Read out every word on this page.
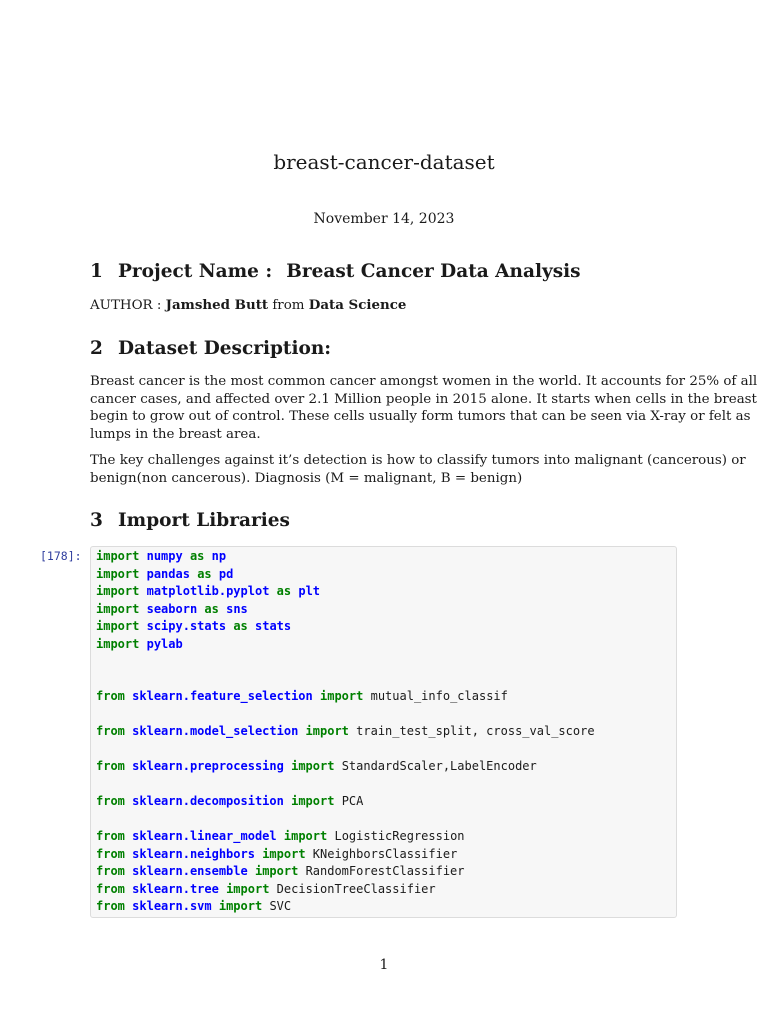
breast-cancer-dataset
November 14, 2023
1 Project Name : Breast Cancer Data Analysis
AUTHOR : Jamshed Butt from Data Science
2 Dataset Description:
Breast cancer is the most common cancer amongst women in the world. It accounts for 25% of all
cancer cases, and affected over 2.1 Million people in 2015 alone. It starts when cells in the breast
begin to grow out of control. These cells usually form tumors that can be seen via X-ray or felt as
lumps in the breast area.
The key challenges against it’s detection is how to classify tumors into malignant (cancerous) or
benign(non cancerous). Diagnosis (M = malignant, B = benign)
3 Import Libraries
[178]:	import numpy as np
import pandas as pd
import matplotlib.pyplot as plt
import seaborn as sns
import scipy.stats as stats
import pylab
from sklearn.feature_selection import mutual_info_classif
from sklearn.model_selection import train_test_split, cross_val_score
from sklearn.preprocessing import StandardScaler,LabelEncoder
from sklearn.decomposition import PCA
from sklearn.linear_model import LogisticRegression
from sklearn.neighbors import KNeighborsClassifier
from sklearn.ensemble import RandomForestClassifier
from sklearn.tree import DecisionTreeClassifier
from sklearn.svm import SVC
1
